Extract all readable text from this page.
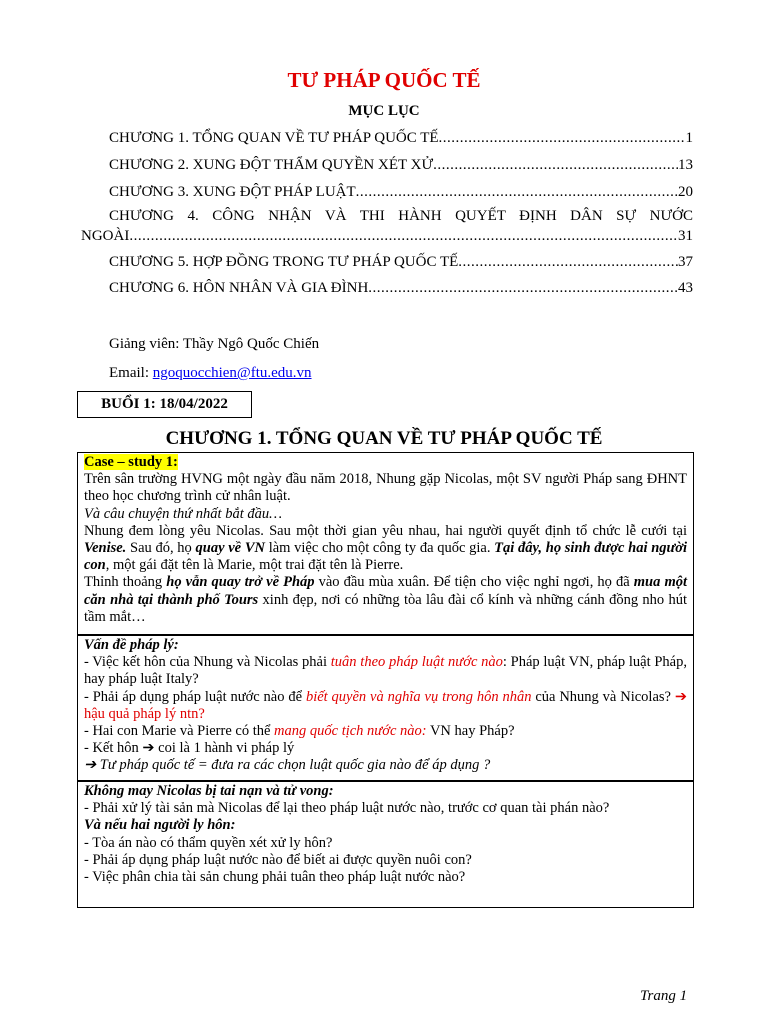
TƯ PHÁP QUỐC TẾ
MỤC LỤC
CHƯƠNG 1. TỔNG QUAN VỀ TƯ PHÁP QUỐC TẾ .....	1
CHƯƠNG 2. XUNG ĐỘT THẨM QUYỀN XÉT XỬ .....	13
CHƯƠNG 3. XUNG ĐỘT PHÁP LUẬT .....	20
CHƯƠNG 4. CÔNG NHẬN VÀ THI HÀNH QUYẾT ĐỊNH DÂN SỰ NƯỚC
NGOÀI .....	31
CHƯƠNG 5. HỢP ĐỒNG TRONG TƯ PHÁP QUỐC TẾ .....	37
CHƯƠNG 6. HÔN NHÂN VÀ GIA ĐÌNH .....	43
Giảng viên: Thầy Ngô Quốc Chiến
Email: ngoquocchien@ftu.edu.vn
BUỔI 1: 18/04/2022
CHƯƠNG 1. TỔNG QUAN VỀ TƯ PHÁP QUỐC TẾ
Case – study 1:
Trên sân trường HVNG một ngày đầu năm 2018, Nhung gặp Nicolas, một SV người Pháp sang ĐHNT theo học chương trình cử nhân luật.
Và câu chuyện thứ nhất bắt đầu…
Nhung đem lòng yêu Nicolas. Sau một thời gian yêu nhau, hai người quyết định tổ chức lễ cưới tại Venise. Sau đó, họ quay về VN làm việc cho một công ty đa quốc gia. Tại đây, họ sinh được hai người con, một gái đặt tên là Marie, một trai đặt tên là Pierre.
Thỉnh thoảng họ vẫn quay trở về Pháp vào đầu mùa xuân. Để tiện cho việc nghỉ ngơi, họ đã mua một căn nhà tại thành phố Tours xinh đẹp, nơi có những tòa lâu đài cổ kính và những cánh đồng nho hút tầm mắt…
Vấn đề pháp lý:
- Việc kết hôn của Nhung và Nicolas phải tuân theo pháp luật nước nào: Pháp luật VN, pháp luật Pháp, hay pháp luật Italy?
- Phải áp dụng pháp luật nước nào để biết quyền và nghĩa vụ trong hôn nhân của Nhung và Nicolas? ➔ hậu quả pháp lý ntn?
- Hai con Marie và Pierre có thể mang quốc tịch nước nào: VN hay Pháp?
- Kết hôn ➔ coi là 1 hành vi pháp lý
➔ Tư pháp quốc tế = đưa ra các chọn luật quốc gia nào để áp dụng ?
Không may Nicolas bị tai nạn và tử vong:
- Phải xử lý tài sản mà Nicolas để lại theo pháp luật nước nào, trước cơ quan tài phán nào?
Và nếu hai người ly hôn:
- Tòa án nào có thẩm quyền xét xử ly hôn?
- Phải áp dụng pháp luật nước nào để biết ai được quyền nuôi con?
- Việc phân chia tài sản chung phải tuân theo pháp luật nước nào?
Trang 1
